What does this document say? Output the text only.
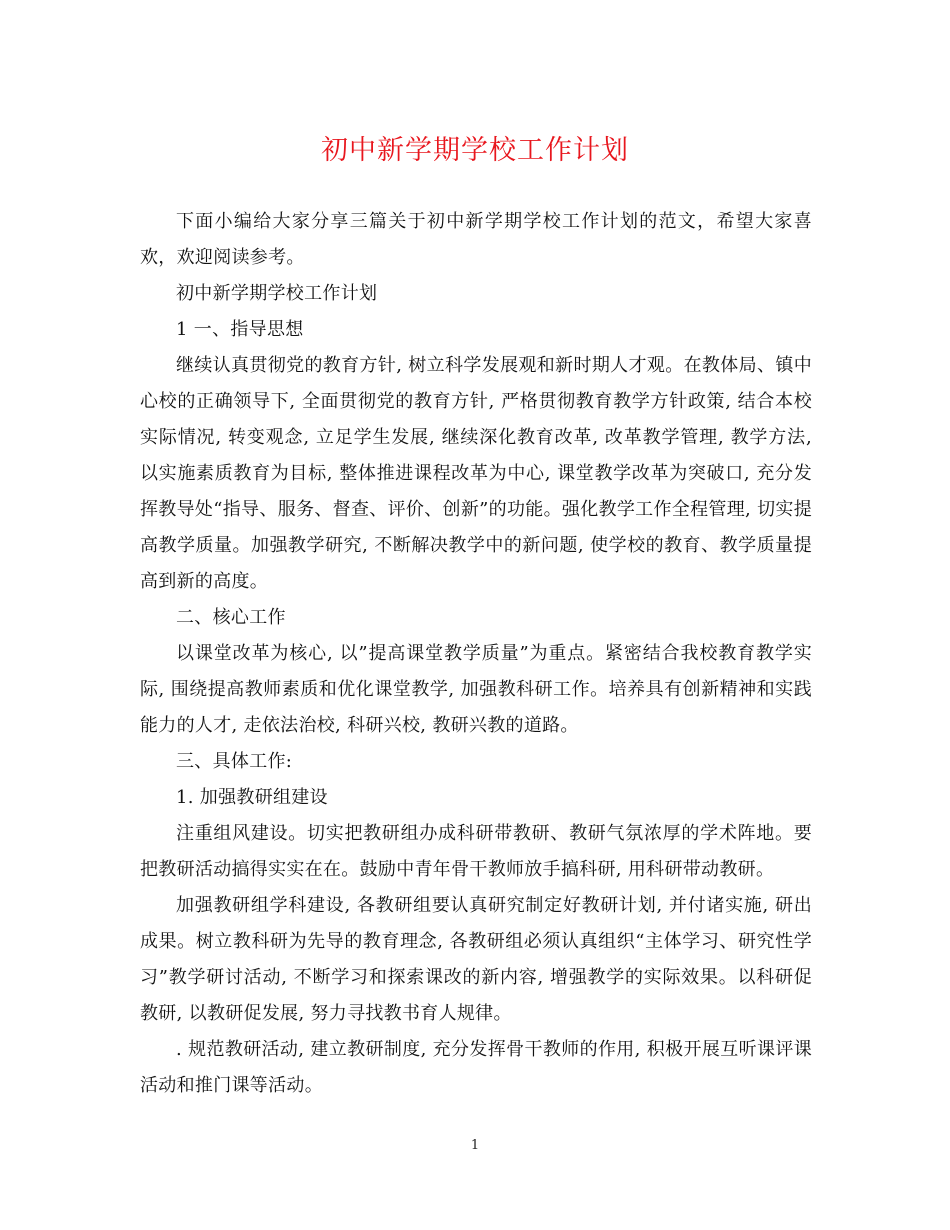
初中新学期学校工作计划

下面小编给大家分享三篇关于初中新学期学校工作计划的范文，希望大家喜欢，欢迎阅读参考。

初中新学期学校工作计划

1 一、指导思想

继续认真贯彻党的教育方针, 树立科学发展观和新时期人才观。在教体局、镇中心校的正确领导下, 全面贯彻党的教育方针, 严格贯彻教育教学方针政策, 结合本校实际情况, 转变观念, 立足学生发展, 继续深化教育改革, 改革教学管理, 教学方法, 以实施素质教育为目标, 整体推进课程改革为中心, 课堂教学改革为突破口, 充分发挥教导处“指导、服务、督查、评价、创新”的功能。强化教学工作全程管理, 切实提高教学质量。加强教学研究, 不断解决教学中的新问题, 使学校的教育、教学质量提高到新的高度。

二、核心工作

以课堂改革为核心, 以”提高课堂教学质量”为重点。紧密结合我校教育教学实际, 围绕提高教师素质和优化课堂教学, 加强教科研工作。培养具有创新精神和实践能力的人才, 走依法治校, 科研兴校, 教研兴教的道路。

三、具体工作:

1. 加强教研组建设

注重组风建设。切实把教研组办成科研带教研、教研气氛浓厚的学术阵地。要把教研活动搞得实实在在。鼓励中青年骨干教师放手搞科研, 用科研带动教研。

加强教研组学科建设, 各教研组要认真研究制定好教研计划, 并付诸实施, 研出成果。树立教科研为先导的教育理念, 各教研组必须认真组织“主体学习、研究性学习”教学研讨活动, 不断学习和探索课改的新内容, 增强教学的实际效果。以科研促教研, 以教研促发展, 努力寻找教书育人规律。

. 规范教研活动, 建立教研制度, 充分发挥骨干教师的作用, 积极开展互听课评课活动和推门课等活动。

1
